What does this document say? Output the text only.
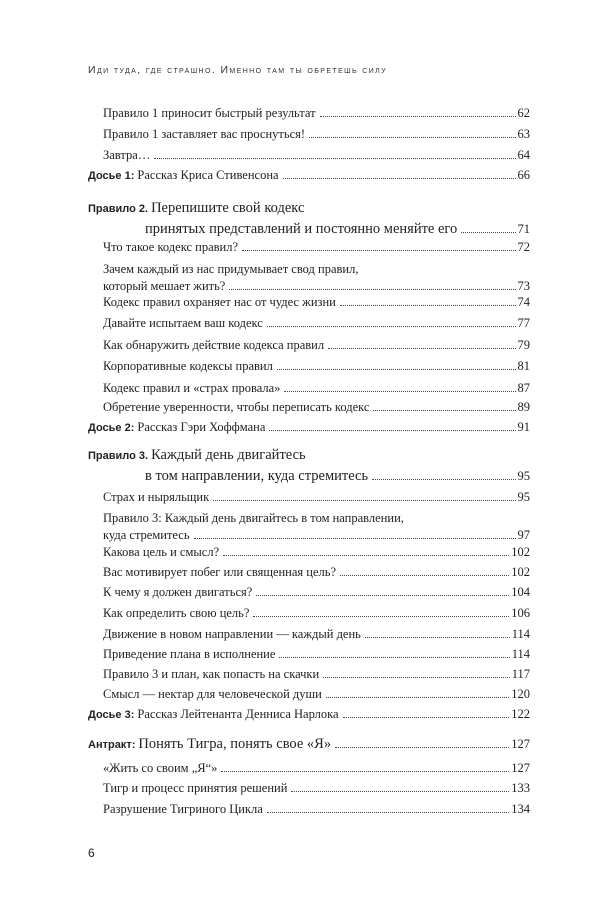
Иди туда, где страшно. Именно там ты обретешь силу
Правило 1 приносит быстрый результат	62
Правило 1 заставляет вас проснуться!	63
Завтра…	64
Досье 1: Рассказ Криса Стивенсона	66
Правило 2. Перепишите свой кодекс
принятых представлений и постоянно меняйте его	71
Что такое кодекс правил?	72
Зачем каждый из нас придумывает свод правил,
который мешает жить?	73
Кодекс правил охраняет нас от чудес жизни	74
Давайте испытаем ваш кодекс	77
Как обнаружить действие кодекса правил	79
Корпоративные кодексы правил	81
Кодекс правил и «страх провала»	87
Обретение уверенности, чтобы переписать кодекс	89
Досье 2: Рассказ Гэри Хоффмана	91
Правило 3. Каждый день двигайтесь
в том направлении, куда стремитесь	95
Страх и ныряльщик	95
Правило 3: Каждый день двигайтесь в том направлении,
куда стремитесь	97
Какова цель и смысл?	102
Вас мотивирует побег или священная цель?	102
К чему я должен двигаться?	104
Как определить свою цель?	106
Движение в новом направлении — каждый день	114
Приведение плана в исполнение	114
Правило 3 и план, как попасть на скачки	117
Смысл — нектар для человеческой души	120
Досье 3: Рассказ Лейтенанта Денниса Нарлока	122
Антракт: Понять Тигра, понять свое «Я»	127
«Жить со своим „Я“»	127
Тигр и процесс принятия решений	133
Разрушение Тигриного Цикла	134
6
